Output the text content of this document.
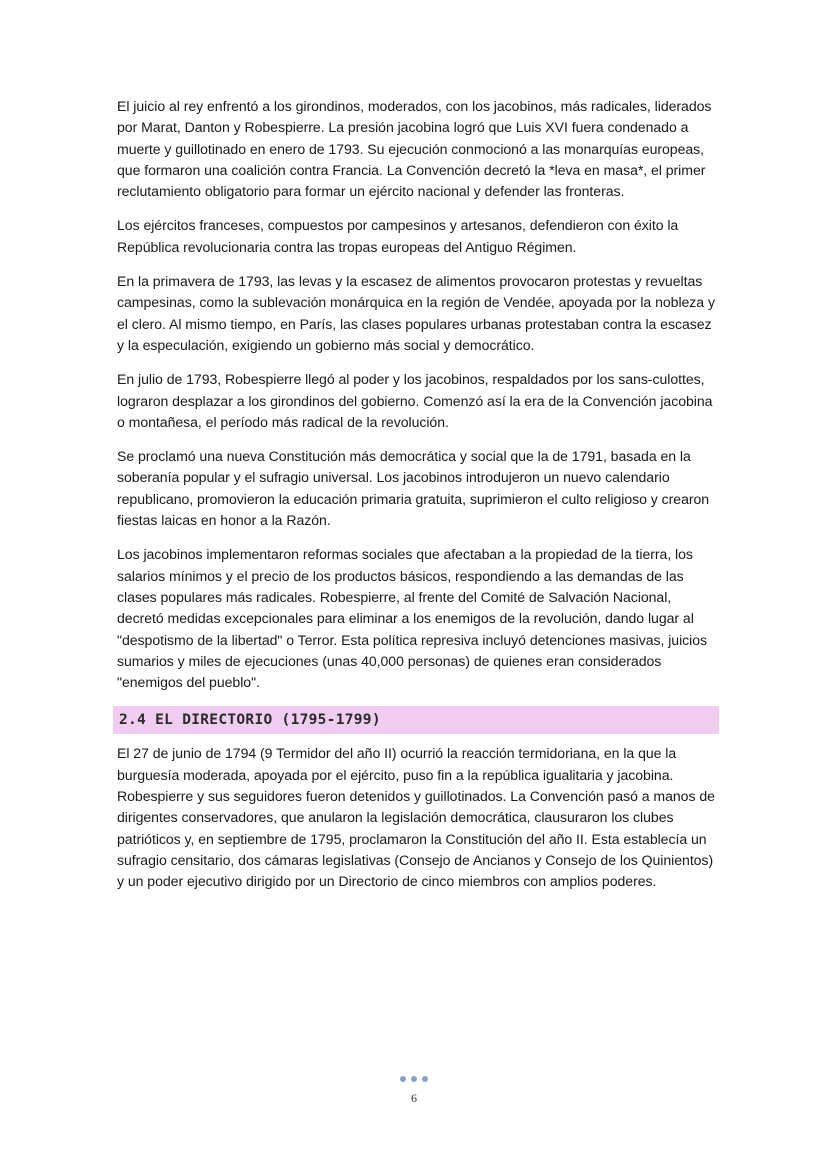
El juicio al rey enfrentó a los girondinos, moderados, con los jacobinos, más radicales, liderados por Marat, Danton y Robespierre. La presión jacobina logró que Luis XVI fuera condenado a muerte y guillotinado en enero de 1793. Su ejecución conmocionó a las monarquías europeas, que formaron una coalición contra Francia. La Convención decretó la *leva en masa*, el primer reclutamiento obligatorio para formar un ejército nacional y defender las fronteras.

Los ejércitos franceses, compuestos por campesinos y artesanos, defendieron con éxito la República revolucionaria contra las tropas europeas del Antiguo Régimen.

En la primavera de 1793, las levas y la escasez de alimentos provocaron protestas y revueltas campesinas, como la sublevación monárquica en la región de Vendée, apoyada por la nobleza y el clero. Al mismo tiempo, en París, las clases populares urbanas protestaban contra la escasez y la especulación, exigiendo un gobierno más social y democrático.

En julio de 1793, Robespierre llegó al poder y los jacobinos, respaldados por los sans-culottes, lograron desplazar a los girondinos del gobierno. Comenzó así la era de la Convención jacobina o montañesa, el período más radical de la revolución.

Se proclamó una nueva Constitución más democrática y social que la de 1791, basada en la soberanía popular y el sufragio universal. Los jacobinos introdujeron un nuevo calendario republicano, promovieron la educación primaria gratuita, suprimieron el culto religioso y crearon fiestas laicas en honor a la Razón.

Los jacobinos implementaron reformas sociales que afectaban a la propiedad de la tierra, los salarios mínimos y el precio de los productos básicos, respondiendo a las demandas de las clases populares más radicales. Robespierre, al frente del Comité de Salvación Nacional, decretó medidas excepcionales para eliminar a los enemigos de la revolución, dando lugar al "despotismo de la libertad" o Terror. Esta política represiva incluyó detenciones masivas, juicios sumarios y miles de ejecuciones (unas 40,000 personas) de quienes eran considerados "enemigos del pueblo".

2.4 EL DIRECTORIO (1795-1799)

El 27 de junio de 1794 (9 Termidor del año II) ocurrió la reacción termidoriana, en la que la burguesía moderada, apoyada por el ejército, puso fin a la república igualitaria y jacobina. Robespierre y sus seguidores fueron detenidos y guillotinados. La Convención pasó a manos de dirigentes conservadores, que anularon la legislación democrática, clausuraron los clubes patrióticos y, en septiembre de 1795, proclamaron la Constitución del año II. Esta establecía un sufragio censitario, dos cámaras legislativas (Consejo de Ancianos y Consejo de los Quinientos) y un poder ejecutivo dirigido por un Directorio de cinco miembros con amplios poderes.

6
